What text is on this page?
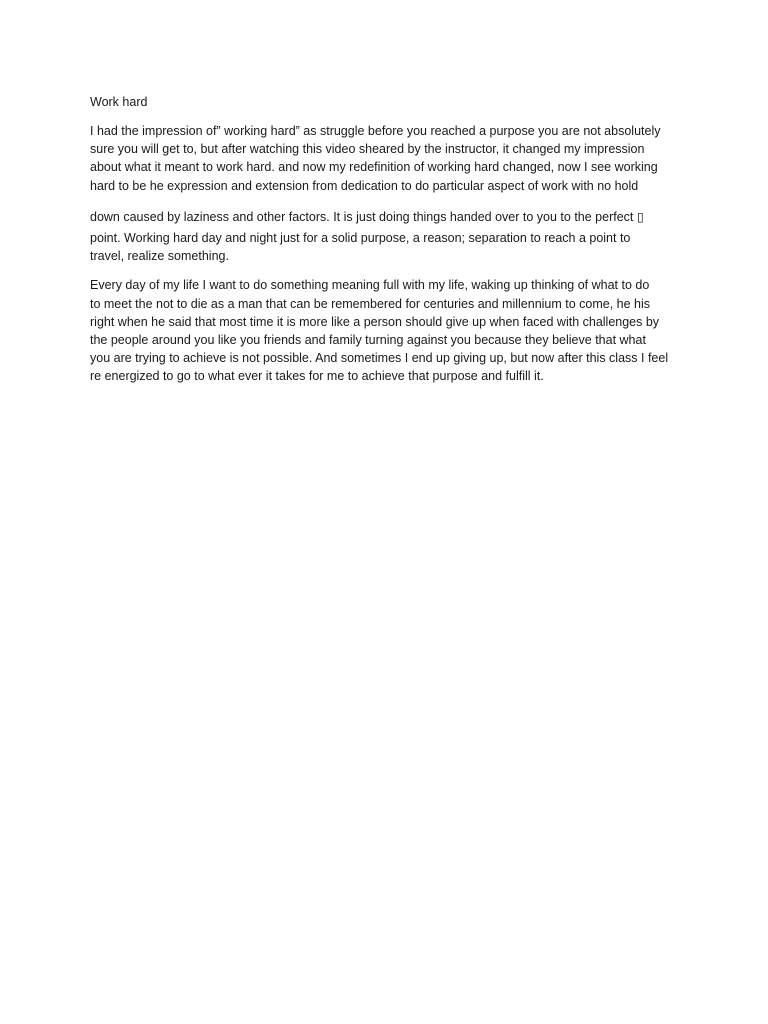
Work hard

I had the impression of” working hard” as struggle before you reached a purpose you are not absolutely
sure you will get to, but after watching this video sheared by the instructor, it changed my impression
about what it meant to work hard. and now my redefinition of working hard changed, now I see working
hard to be he expression and extension from dedication to do particular aspect of work with no hold

down caused by laziness and other factors. It is just doing things handed over to you to the perfect ▯

point. Working hard day and night just for a solid purpose, a reason; separation to reach a point to
travel, realize something.

Every day of my life I want to do something meaning full with my life, waking up thinking of what to do
to meet the not to die as a man that can be remembered for centuries and millennium to come, he his
right when he said that most time it is more like a person should give up when faced with challenges by
the people around you like you friends and family turning against you because they believe that what
you are trying to achieve is not possible. And sometimes I end up giving up, but now after this class I feel
re energized to go to what ever it takes for me to achieve that purpose and fulfill it.
